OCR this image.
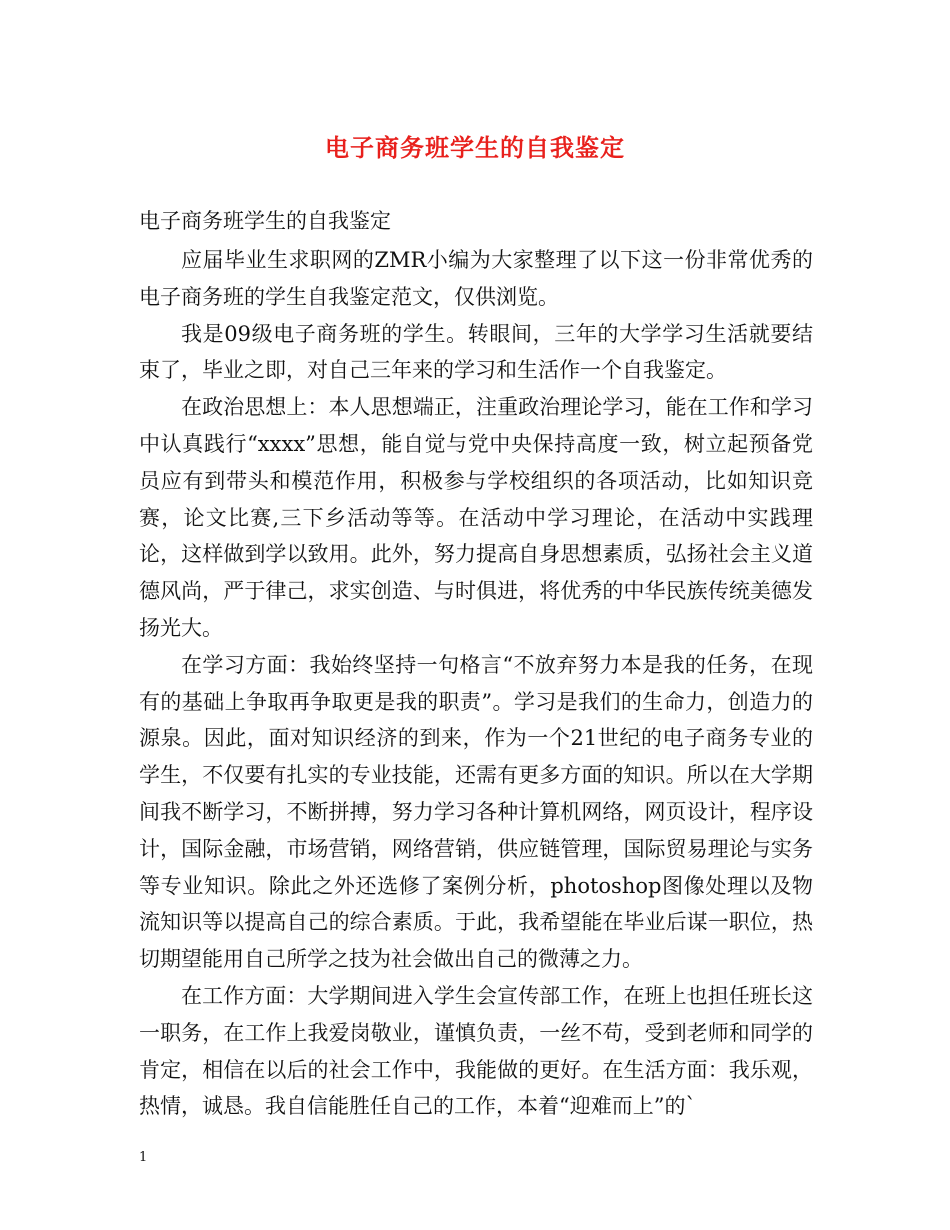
电子商务班学生的自我鉴定
电子商务班学生的自我鉴定

应届毕业生求职网的ZMR小编为大家整理了以下这一份非常优秀的电子商务班的学生自我鉴定范文，仅供浏览。

我是09级电子商务班的学生。转眼间，三年的大学学习生活就要结束了，毕业之即，对自己三年来的学习和生活作一个自我鉴定。

在政治思想上：本人思想端正，注重政治理论学习，能在工作和学习中认真践行“xxxx”思想，能自觉与党中央保持高度一致，树立起预备党员应有到带头和模范作用，积极参与学校组织的各项活动，比如知识竞赛，论文比赛,三下乡活动等等。在活动中学习理论，在活动中实践理论，这样做到学以致用。此外，努力提高自身思想素质，弘扬社会主义道德风尚，严于律己，求实创造、与时俱进，将优秀的中华民族传统美德发扬光大。

在学习方面：我始终坚持一句格言“不放弃努力本是我的任务，在现有的基础上争取再争取更是我的职责”。学习是我们的生命力，创造力的源泉。因此，面对知识经济的到来，作为一个21世纪的电子商务专业的学生，不仅要有扎实的专业技能，还需有更多方面的知识。所以在大学期间我不断学习，不断拼搏，努力学习各种计算机网络，网页设计，程序设计，国际金融，市场营销，网络营销，供应链管理，国际贸易理论与实务等专业知识。除此之外还选修了案例分析，photoshop图像处理以及物流知识等以提高自己的综合素质。于此，我希望能在毕业后谋一职位，热切期望能用自己所学之技为社会做出自己的微薄之力。

在工作方面：大学期间进入学生会宣传部工作，在班上也担任班长这一职务，在工作上我爱岗敬业，谨慎负责，一丝不苟，受到老师和同学的肯定，相信在以后的社会工作中，我能做的更好。在生活方面：我乐观，热情，诚恳。我自信能胜任自己的工作，本着“迎难而上”的`

1
